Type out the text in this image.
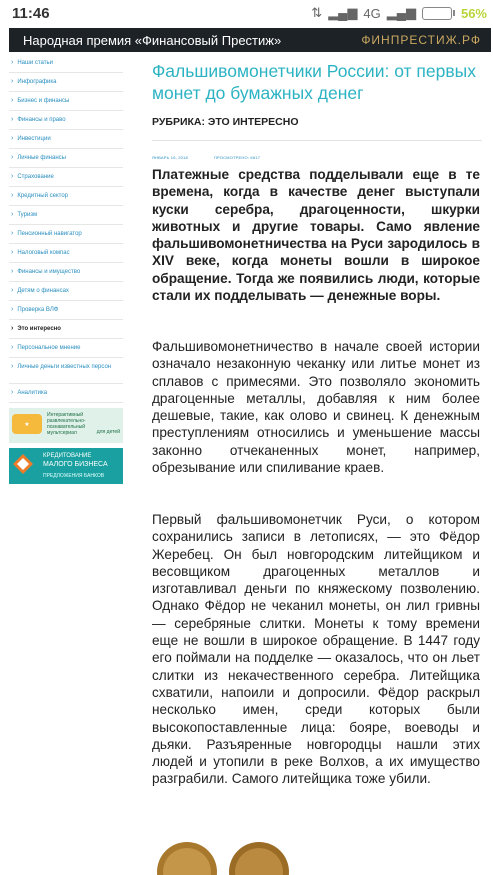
11:46	⇅ ▂▄▆ 4G ▂▄▆	56%
Народная премия «Финансовый Престиж»	ФИНПРЕСТИЖ.РФ
› Наши статьи
› Инфографика
› Бизнес и финансы
› Финансы и право
› Инвестиции
› Личные финансы
› Страхование
› Кредитный сектор
› Туризм
› Пенсионный навигатор
› Налоговый компас
› Финансы и имущество
› Детям о финансах
› Проверка ВЛФ
› Это интересно
› Персональное мнение
› Личные деньги известных персон
› Аналитика
★
Интерактивный развлекательно-познавательный мультсериал	для детей
КРЕДИТОВАНИЕ
МАЛОГО БИЗНЕСА
ПРЕДЛОЖЕНИЯ БАНКОВ
Фальшивомонетчики России: от первых монет до бумажных денег
РУБРИКА: ЭТО ИНТЕРЕСНО
ЯНВАРЬ 16, 2018	ПРОСМОТРЕНО: 6617

Платежные средства подделывали еще в те времена, когда в качестве денег выступали куски серебра, драгоценности, шкурки животных и другие товары. Само явление фальшивомонетничества на Руси зародилось в XIV веке, когда монеты вошли в широкое обращение. Тогда же появились люди, которые стали их подделывать — денежные воры.

Фальшивомонетничество в начале своей истории означало незаконную чеканку или литье монет из сплавов с примесями. Это позволяло экономить драгоценные металлы, добавляя к ним более дешевые, такие, как олово и свинец. К денежным преступлениям относились и уменьшение массы законно отчеканенных монет, например, обрезывание или спиливание краев.

Первый фальшивомонетчик Руси, о котором сохранились записи в летописях, — это Фёдор Жеребец. Он был новгородским литейщиком и весовщиком драгоценных металлов и изготавливал деньги по княжескому позволению. Однако Фёдор не чеканил монеты, он лил гривны — серебряные слитки. Монеты к тому времени еще не вошли в широкое обращение. В 1447 году его поймали на подделке — оказалось, что он льет слитки из некачественного серебра. Литейщика схватили, напоили и допросили. Фёдор раскрыл несколько имен, среди которых были высокопоставленные лица: бояре, воеводы и дьяки. Разъяренные новгородцы нашли этих людей и утопили в реке Волхов, а их имущество разграбили. Самого литейщика тоже убили.
